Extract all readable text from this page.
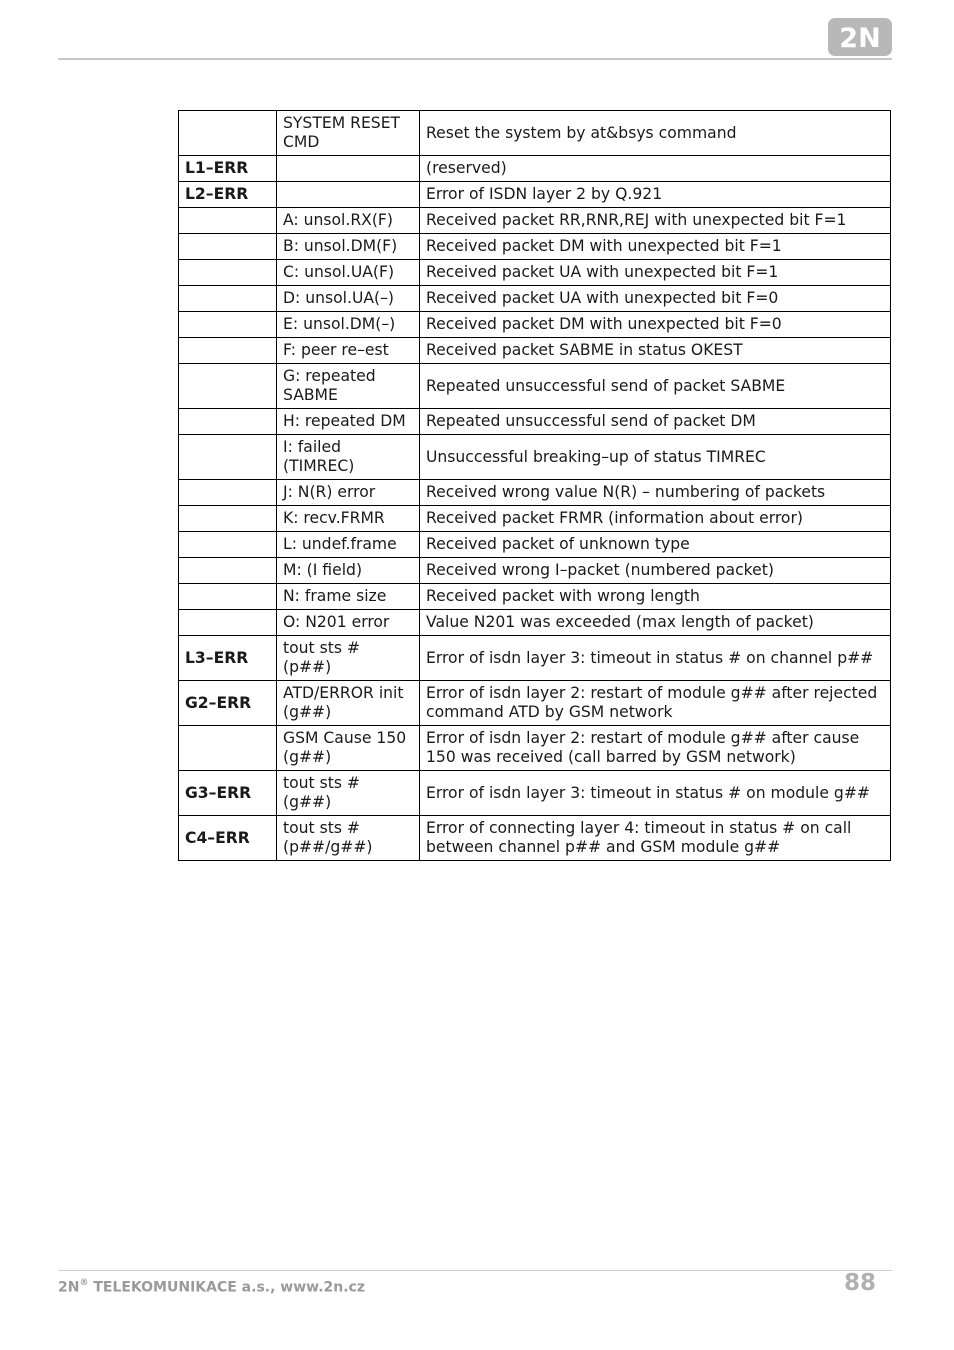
2N
	SYSTEM RESET CMD	Reset the system by at&bsys command
L1–ERR		(reserved)
L2–ERR		Error of ISDN layer 2 by Q.921
	A: unsol.RX(F)	Received packet RR,RNR,REJ with unexpected bit F=1
	B: unsol.DM(F)	Received packet DM with unexpected bit F=1
	C: unsol.UA(F)	Received packet UA with unexpected bit F=1
	D: unsol.UA(–)	Received packet UA with unexpected bit F=0
	E: unsol.DM(–)	Received packet DM with unexpected bit F=0
	F: peer re–est	Received packet SABME in status OKEST
	G: repeated SABME	Repeated unsuccessful send of packet SABME
	H: repeated DM	Repeated unsuccessful send of packet DM
	I: failed (TIMREC)	Unsuccessful breaking–up of status TIMREC
	J: N(R) error	Received wrong value N(R) – numbering of packets
	K: recv.FRMR	Received packet FRMR (information about error)
	L: undef.frame	Received packet of unknown type
	M: (I field)	Received wrong I–packet (numbered packet)
	N: frame size	Received packet with wrong length
	O: N201 error	Value N201 was exceeded (max length of packet)
L3–ERR	tout sts # (p##)	Error of isdn layer 3: timeout in status # on channel p##
G2–ERR	ATD/ERROR init (g##)	Error of isdn layer 2: restart of module g## after rejected command ATD by GSM network
	GSM Cause 150 (g##)	Error of isdn layer 2: restart of module g## after cause 150 was received (call barred by GSM network)
G3–ERR	tout sts # (g##)	Error of isdn layer 3: timeout in status # on module g##
C4–ERR	tout sts # (p##/g##)	Error of connecting layer 4: timeout in status # on call between channel p## and GSM module g##
2N® TELEKOMUNIKACE a.s., www.2n.cz	88
